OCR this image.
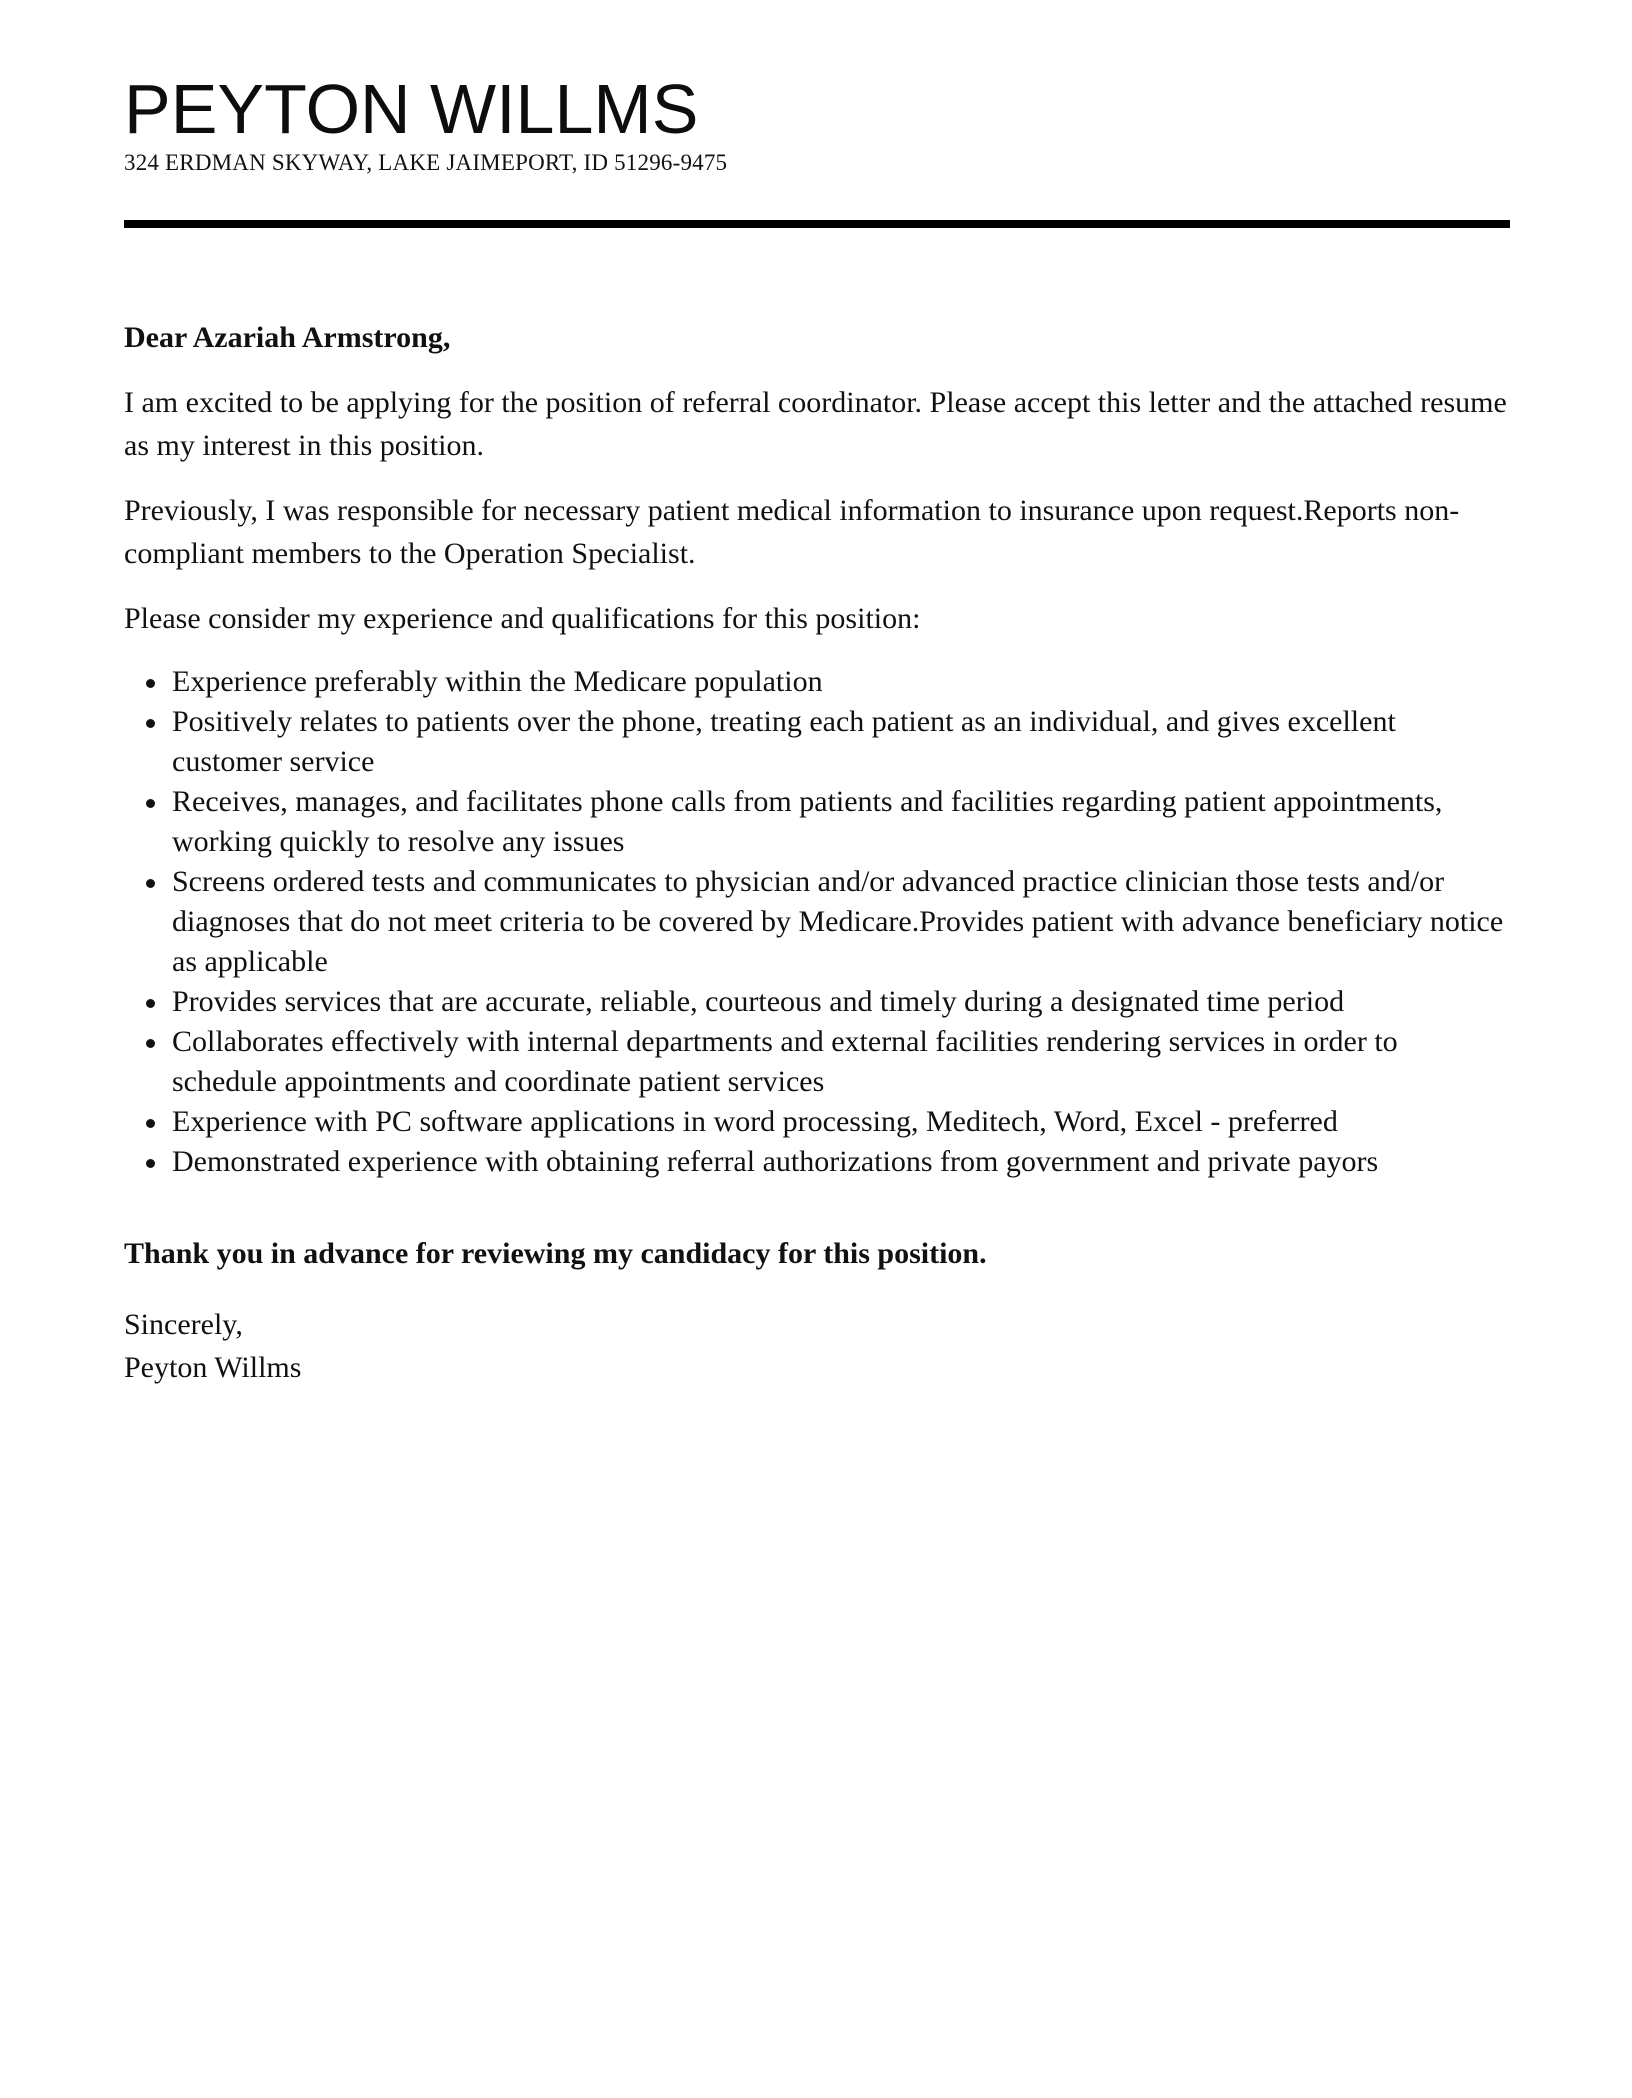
PEYTON WILLMS

324 ERDMAN SKYWAY, LAKE JAIMEPORT, ID 51296-9475

Dear Azariah Armstrong,

I am excited to be applying for the position of referral coordinator. Please accept this letter and the attached resume as my interest in this position.

Previously, I was responsible for necessary patient medical information to insurance upon request.Reports non-compliant members to the Operation Specialist.

Please consider my experience and qualifications for this position:

Experience preferably within the Medicare population
Positively relates to patients over the phone, treating each patient as an individual, and gives excellent customer service
Receives, manages, and facilitates phone calls from patients and facilities regarding patient appointments, working quickly to resolve any issues
Screens ordered tests and communicates to physician and/or advanced practice clinician those tests and/or diagnoses that do not meet criteria to be covered by Medicare.Provides patient with advance beneficiary notice as applicable
Provides services that are accurate, reliable, courteous and timely during a designated time period
Collaborates effectively with internal departments and external facilities rendering services in order to schedule appointments and coordinate patient services
Experience with PC software applications in word processing, Meditech, Word, Excel - preferred
Demonstrated experience with obtaining referral authorizations from government and private payors

Thank you in advance for reviewing my candidacy for this position.

Sincerely,
Peyton Willms
